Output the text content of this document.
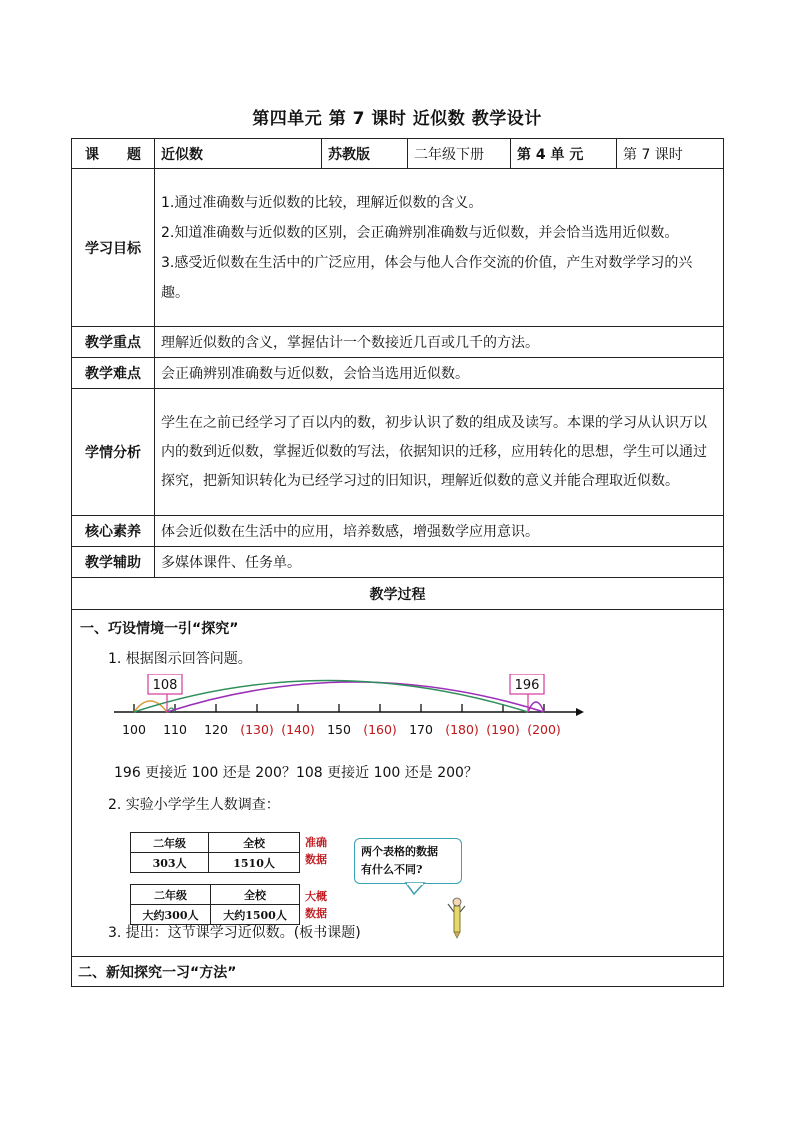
第四单元 第 7 课时 近似数 教学设计
课　　题	近似数	苏教版	二年级下册	第 4 单 元	第 7 课时
学习目标	

1.通过准确数与近似数的比较，理解近似数的含义。

2.知道准确数与近似数的区别，会正确辨别准确数与近似数，并会恰当选用近似数。

3.感受近似数在生活中的广泛应用，体会与他人合作交流的价值，产生对数学学习的兴趣。

教学重点	理解近似数的含义，掌握估计一个数接近几百或几千的方法。
教学难点	会正确辨别准确数与近似数，会恰当选用近似数。
学情分析	

学生在之前已经学习了百以内的数，初步认识了数的组成及读写。本课的学习从认识万以内的数到近似数，掌握近似数的写法，依据知识的迁移，应用转化的思想，学生可以通过探究，把新知识转化为已经学习过的旧知识，理解近似数的意义并能合理取近似数。

核心素养	体会近似数在生活中的应用，培养数感，增强数学应用意识。
教学辅助	多媒体课件、任务单。
教学过程

一、巧设情境一引“探究”
1. 根据图示回答问题。
108	196
100 110 120 (130) (140) 150 (160) 170 (180) (190) (200)
196 更接近 100 还是 200？108 更接近 100 还是 200？
2. 实验小学学生人数调查：
二年级	全校
303人	1510人
准确
数据
二年级	全校
大约300人	大约1500人
大概
数据
两个表格的数据
有什么不同?
3. 提出：这节课学习近似数。(板书课题)

二、新知探究一习“方法”
